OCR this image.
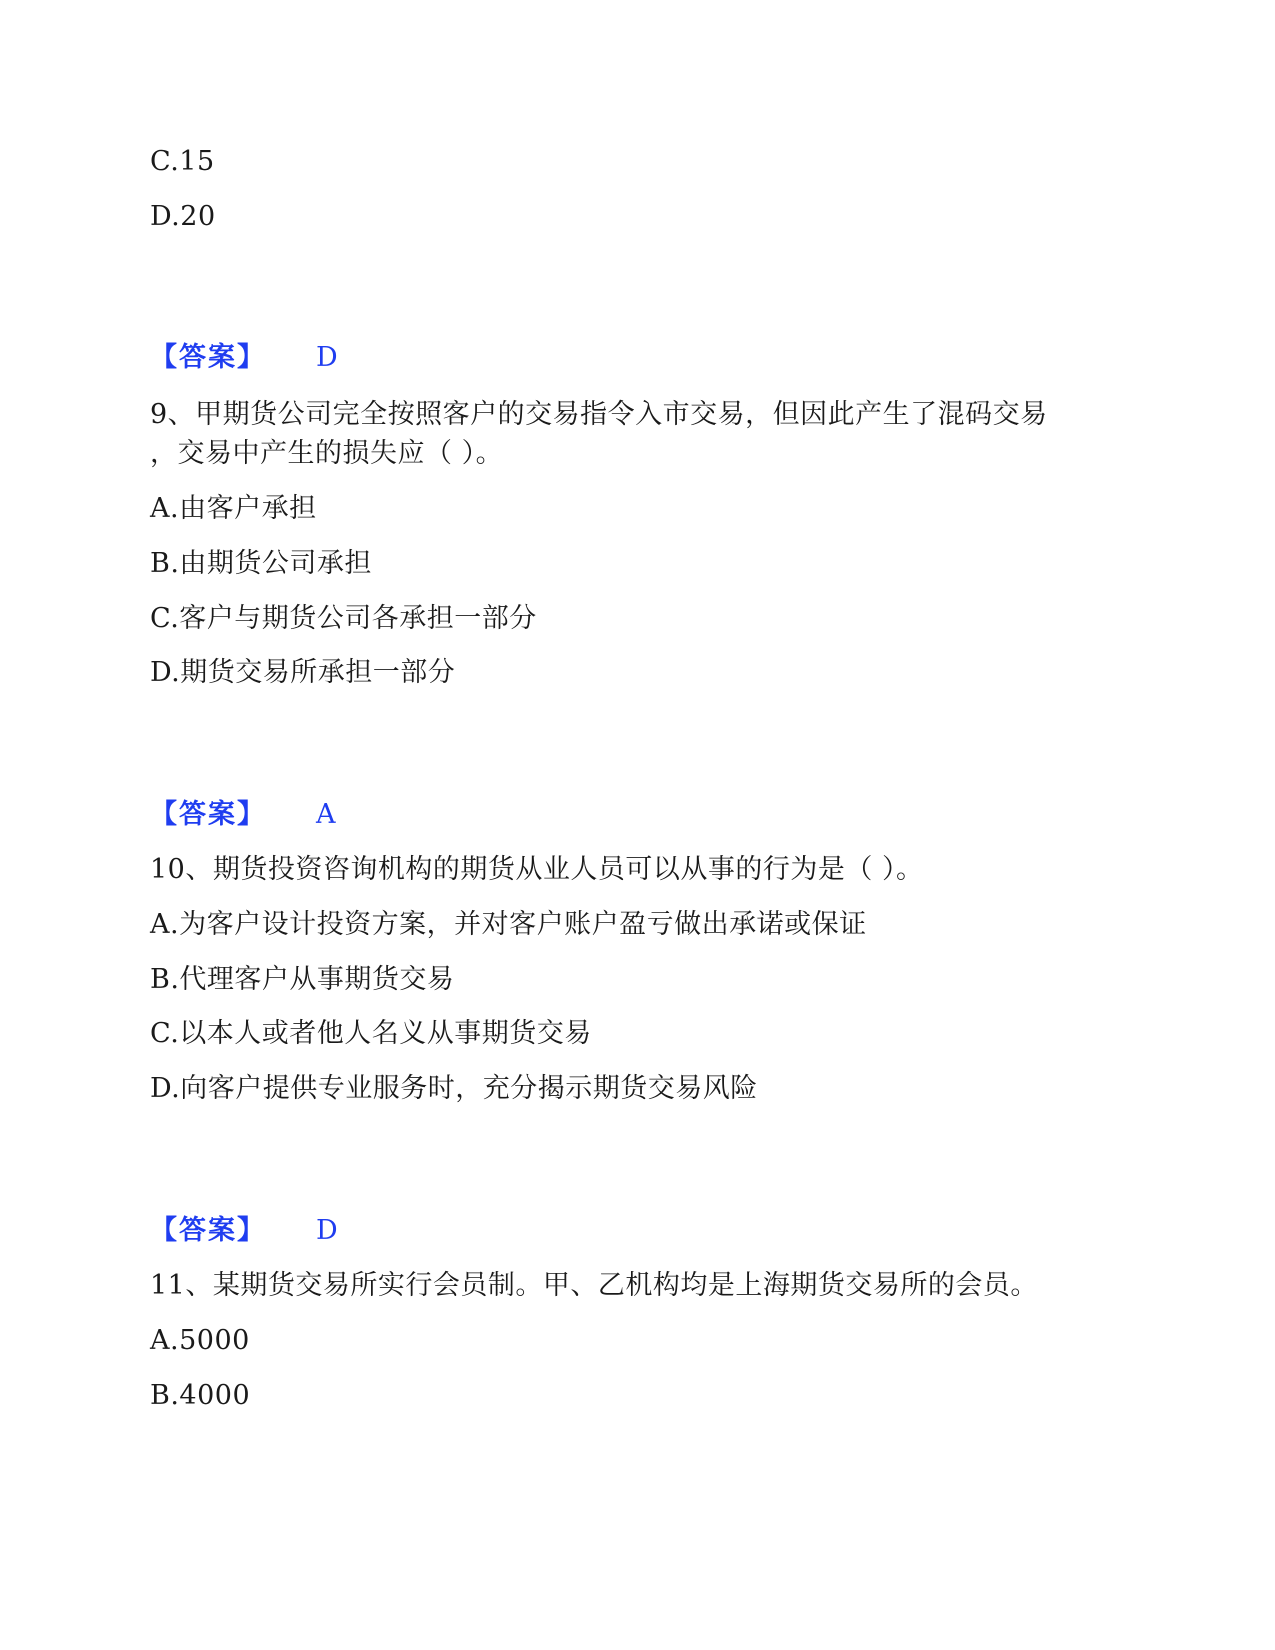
C.15
D.20
【答案】 D
9、甲期货公司完全按照客户的交易指令入市交易，但因此产生了混码交易
，交易中产生的损失应（ ）。
A.由客户承担
B.由期货公司承担
C.客户与期货公司各承担一部分
D.期货交易所承担一部分
【答案】 A
10、期货投资咨询机构的期货从业人员可以从事的行为是（ ）。
A.为客户设计投资方案，并对客户账户盈亏做出承诺或保证
B.代理客户从事期货交易
C.以本人或者他人名义从事期货交易
D.向客户提供专业服务时，充分揭示期货交易风险
【答案】 D
11、某期货交易所实行会员制。甲、乙机构均是上海期货交易所的会员。
A.5000
B.4000
